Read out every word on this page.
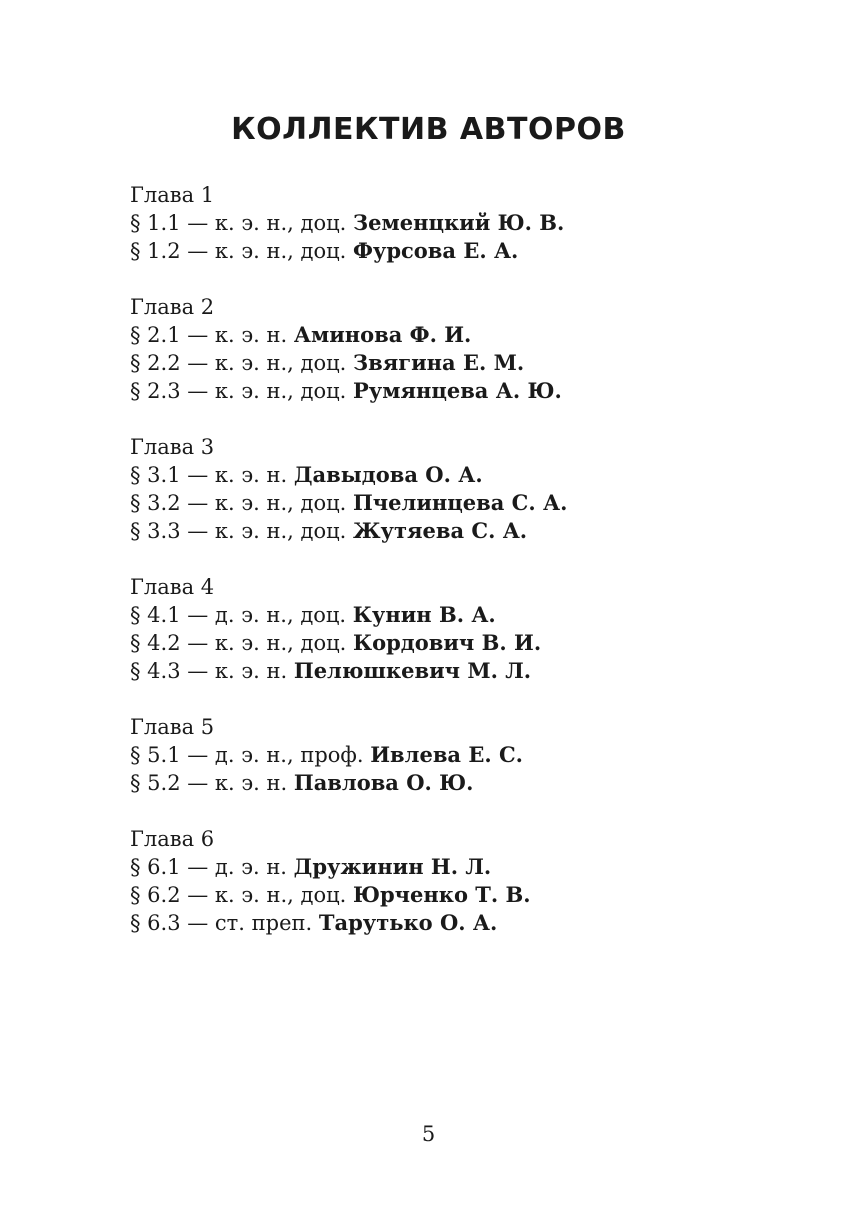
КОЛЛЕКТИВ АВТОРОВ
Глава 1
§ 1.1 — к. э. н., доц. Земенцкий Ю. В.
§ 1.2 — к. э. н., доц. Фурсова Е. А.
Глава 2
§ 2.1 — к. э. н. Аминова Ф. И.
§ 2.2 — к. э. н., доц. Звягина Е. М.
§ 2.3 — к. э. н., доц. Румянцева А. Ю.
Глава 3
§ 3.1 — к. э. н. Давыдова О. А.
§ 3.2 — к. э. н., доц. Пчелинцева С. А.
§ 3.3 — к. э. н., доц. Жутяева С. А.
Глава 4
§ 4.1 — д. э. н., доц. Кунин В. А.
§ 4.2 — к. э. н., доц. Кордович В. И.
§ 4.3 — к. э. н. Пелюшкевич М. Л.
Глава 5
§ 5.1 — д. э. н., проф. Ивлева Е. С.
§ 5.2 — к. э. н. Павлова О. Ю.
Глава 6
§ 6.1 — д. э. н. Дружинин Н. Л.
§ 6.2 — к. э. н., доц. Юрченко Т. В.
§ 6.3 — ст. преп. Тарутько О. А.
5
